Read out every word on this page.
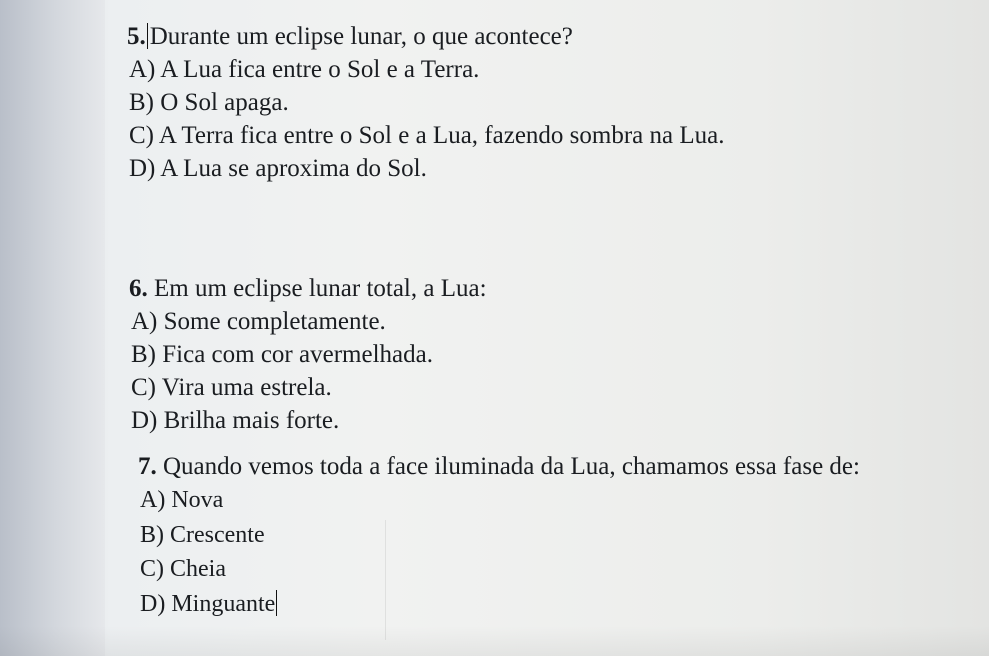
5. Durante um eclipse lunar, o que acontece?
A) A Lua fica entre o Sol e a Terra.
B) O Sol apaga.
C) A Terra fica entre o Sol e a Lua, fazendo sombra na Lua.
D) A Lua se aproxima do Sol.
6. Em um eclipse lunar total, a Lua:
A) Some completamente.
B) Fica com cor avermelhada.
C) Vira uma estrela.
D) Brilha mais forte.
7. Quando vemos toda a face iluminada da Lua, chamamos essa fase de:
A) Nova
B) Crescente
C) Cheia
D) Minguante
